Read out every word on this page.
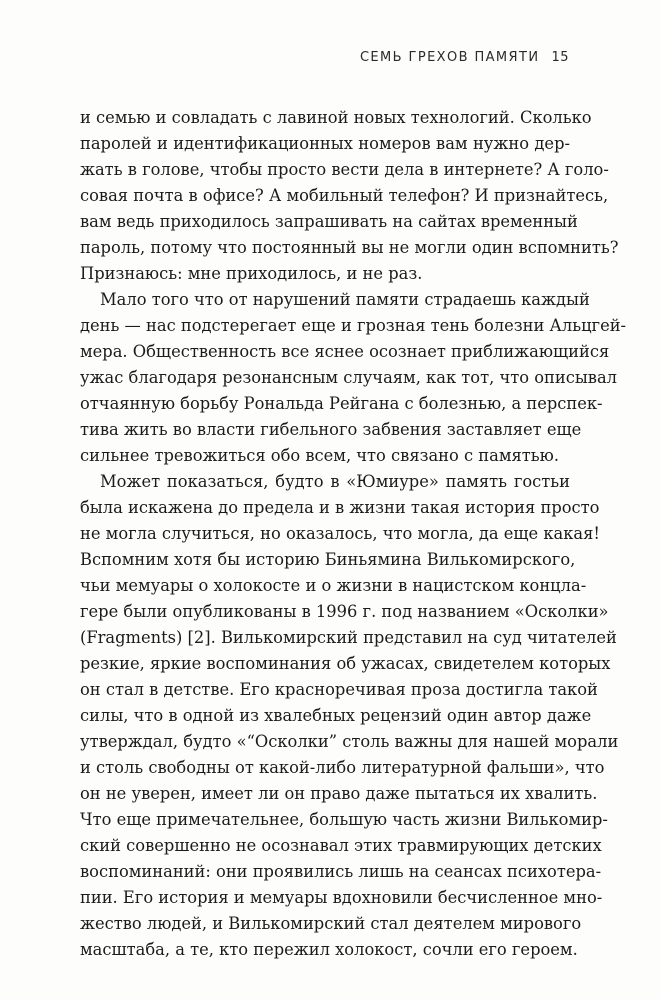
СЕМЬ ГРЕХОВ ПАМЯТИ 15
и семью и совладать с лавиной новых технологий. Сколько
паролей и идентификационных номеров вам нужно дер-
жать в голове, чтобы просто вести дела в интернете? А голо-
совая почта в офисе? А мобильный телефон? И признайтесь,
вам ведь приходилось запрашивать на сайтах временный
пароль, потому что постоянный вы не могли один вспомнить?
Признаюсь: мне приходилось, и не раз.
Мало того что от нарушений памяти страдаешь каждый
день — нас подстерегает еще и грозная тень болезни Альцгей-
мера. Общественность все яснее осознает приближающийся
ужас благодаря резонансным случаям, как тот, что описывал
отчаянную борьбу Рональда Рейгана с болезнью, а перспек-
тива жить во власти гибельного забвения заставляет еще
сильнее тревожиться обо всем, что связано с памятью.
Может показаться, будто в «Юмиуре» память гостьи
была искажена до предела и в жизни такая история просто
не могла случиться, но оказалось, что могла, да еще какая!
Вспомним хотя бы историю Биньямина Вилькомирского,
чьи мемуары о холокосте и о жизни в нацистском концла-
гере были опубликованы в 1996 г. под названием «Осколки»
(Fragments) [2]. Вилькомирский представил на суд читателей
резкие, яркие воспоминания об ужасах, свидетелем которых
он стал в детстве. Его красноречивая проза достигла такой
силы, что в одной из хвалебных рецензий один автор даже
утверждал, будто «“Осколки” столь важны для нашей морали
и столь свободны от какой-либо литературной фальши», что
он не уверен, имеет ли он право даже пытаться их хвалить.
Что еще примечательнее, большую часть жизни Вилькомир-
ский совершенно не осознавал этих травмирующих детских
воспоминаний: они проявились лишь на сеансах психотера-
пии. Его история и мемуары вдохновили бесчисленное мно-
жество людей, и Вилькомирский стал деятелем мирового
масштаба, а те, кто пережил холокост, сочли его героем.
